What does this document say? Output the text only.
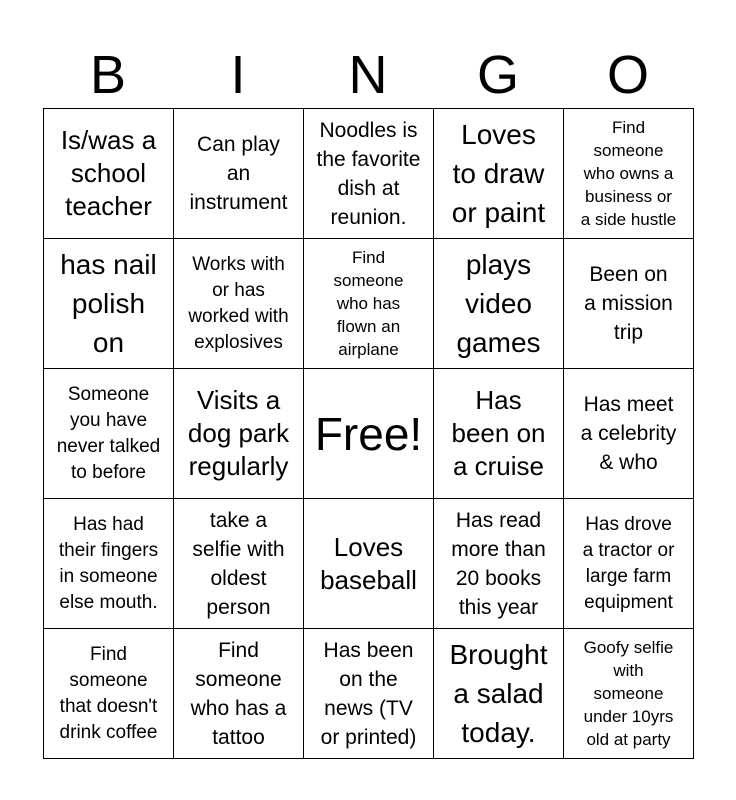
B	I	N	G	O
Is/was a
school
teacher	Can play
an
instrument	Noodles is
the favorite
dish at
reunion.	Loves
to draw
or paint	Find
someone
who owns a
business or
a side hustle

has nail
polish
on	Works with
or has
worked with
explosives	Find
someone
who has
flown an
airplane	plays
video
games	Been on
a mission
trip

Someone
you have
never talked
to before	Visits a
dog park
regularly	Free!	Has
been on
a cruise	Has meet
a celebrity
& who

Has had
their fingers
in someone
else mouth.	take a
selfie with
oldest
person	Loves
baseball	Has read
more than
20 books
this year	Has drove
a tractor or
large farm
equipment

Find
someone
that doesn't
drink coffee	Find
someone
who has a
tattoo	Has been
on the
news (TV
or printed)	Brought
a salad
today.	Goofy selfie
with
someone
under 10yrs
old at party
